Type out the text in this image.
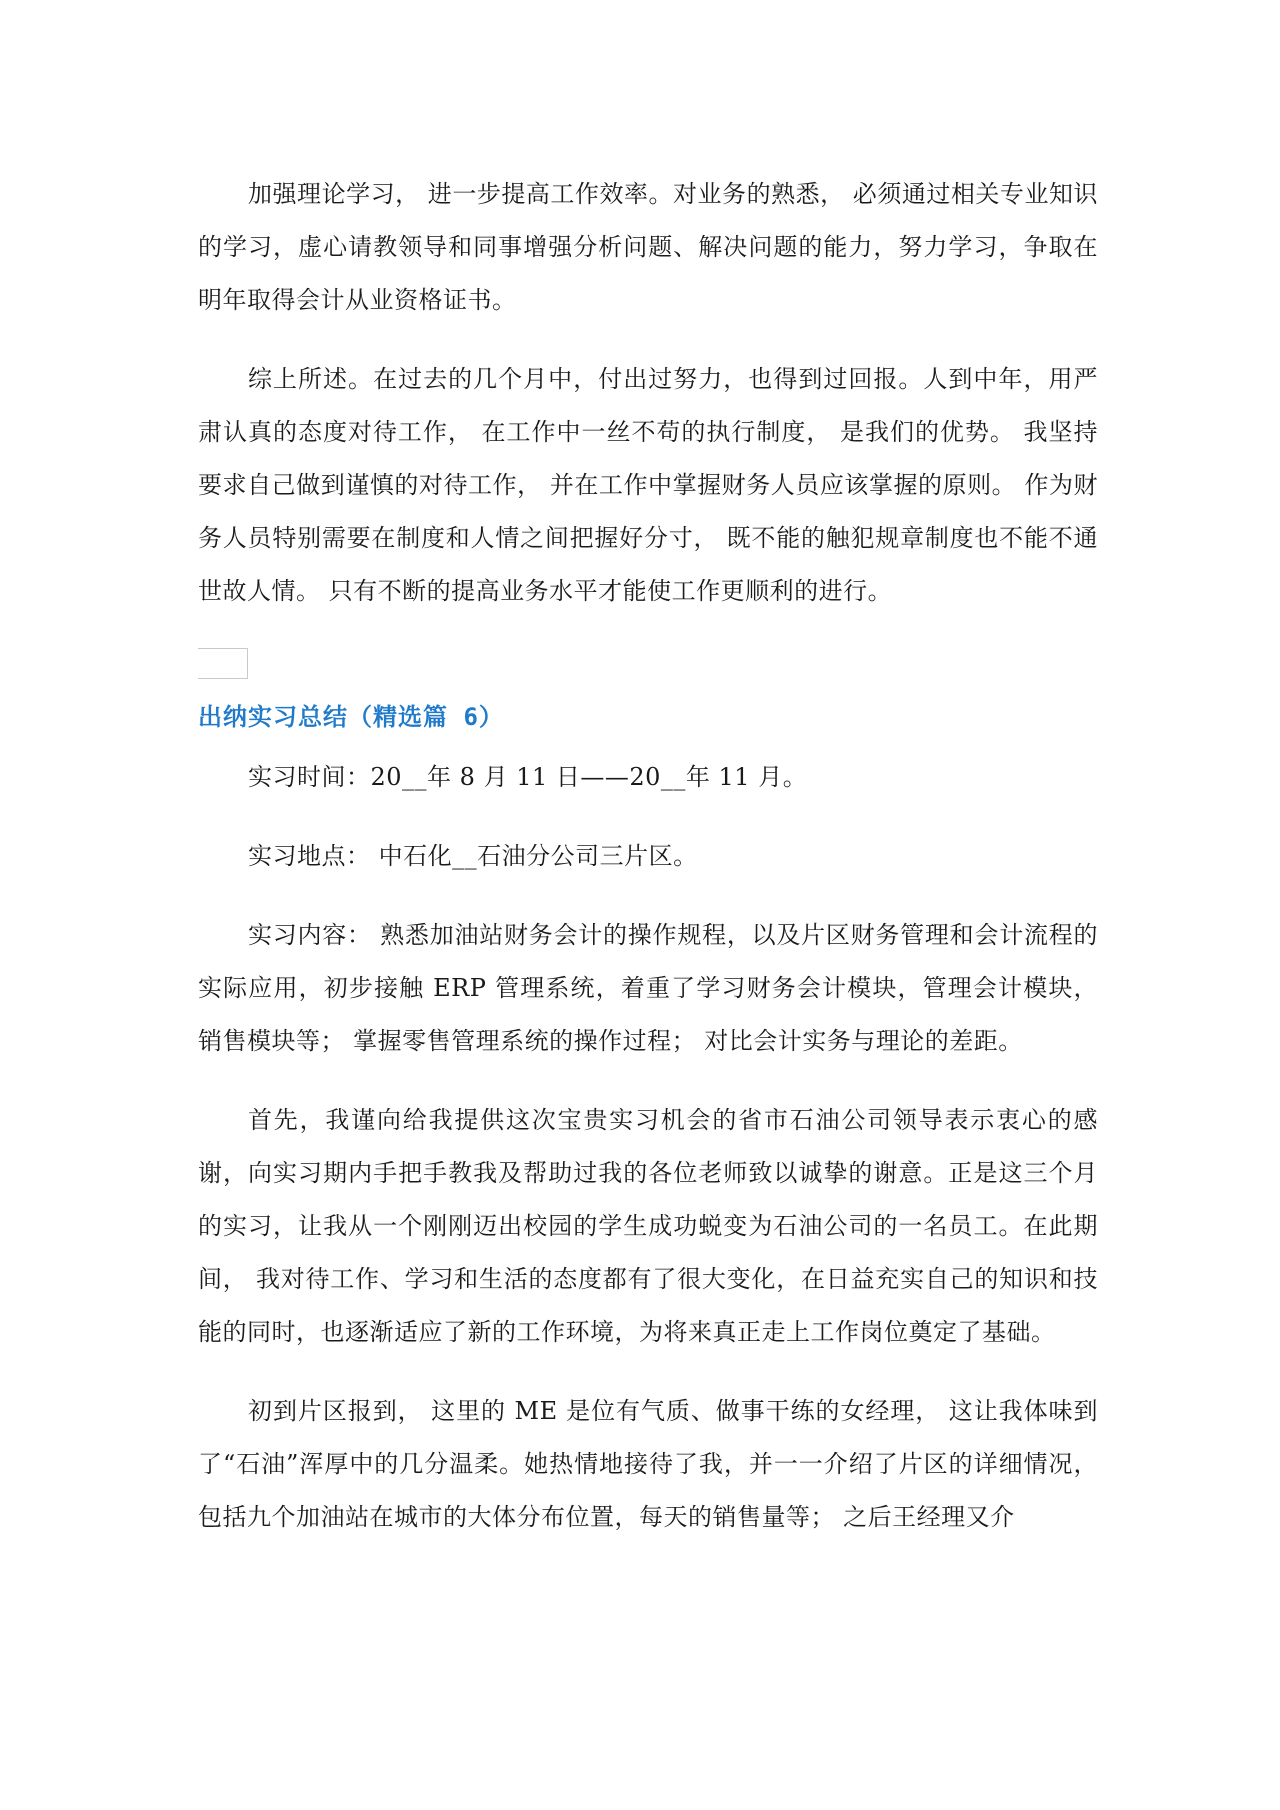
加强理论学习， 进一步提高工作效率。对业务的熟悉， 必须通过相关专业知识的学习，虚心请教领导和同事增强分析问题、解决问题的能力，努力学习，争取在明年取得会计从业资格证书。

综上所述。在过去的几个月中，付出过努力，也得到过回报。人到中年，用严肃认真的态度对待工作， 在工作中一丝不苟的执行制度， 是我们的优势。 我坚持要求自己做到谨慎的对待工作， 并在工作中掌握财务人员应该掌握的原则。 作为财务人员特别需要在制度和人情之间把握好分寸， 既不能的触犯规章制度也不能不通世故人情。 只有不断的提高业务水平才能使工作更顺利的进行。

出纳实习总结（精选篇 6）

实习时间：20__年 8 月 11 日——20__年 11 月。

实习地点： 中石化__石油分公司三片区。

实习内容： 熟悉加油站财务会计的操作规程，以及片区财务管理和会计流程的实际应用，初步接触 ERP 管理系统，着重了学习财务会计模块，管理会计模块，销售模块等； 掌握零售管理系统的操作过程； 对比会计实务与理论的差距。

首先，我谨向给我提供这次宝贵实习机会的省市石油公司领导表示衷心的感谢，向实习期内手把手教我及帮助过我的各位老师致以诚挚的谢意。正是这三个月的实习，让我从一个刚刚迈出校园的学生成功蜕变为石油公司的一名员工。在此期间， 我对待工作、学习和生活的态度都有了很大变化，在日益充实自己的知识和技能的同时，也逐渐适应了新的工作环境，为将来真正走上工作岗位奠定了基础。

初到片区报到， 这里的 ME 是位有气质、做事干练的女经理， 这让我体味到了“石油”浑厚中的几分温柔。她热情地接待了我，并一一介绍了片区的详细情况，包括九个加油站在城市的大体分布位置，每天的销售量等； 之后王经理又介
